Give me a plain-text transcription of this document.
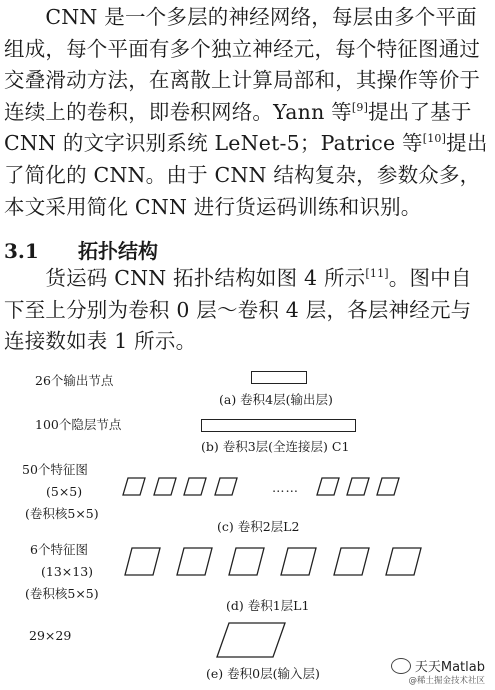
　　CNN 是一个多层的神经网络，每层由多个平面
组成，每个平面有多个独立神经元，每个特征图通过
交叠滑动方法，在离散上计算局部和，其操作等价于
连续上的卷积，即卷积网络。Yann 等[9]提出了基于
CNN 的文字识别系统 LeNet-5；Patrice 等[10]提出
了简化的 CNN。由于 CNN 结构复杂，参数众多，
本文采用简化 CNN 进行货运码训练和识别。
3.1 拓扑结构
　　货运码 CNN 拓扑结构如图 4 所示[11]。图中自
下至上分别为卷积 0 层～卷积 4 层，各层神经元与
连接数如表 1 所示。
26个输出节点
(a) 卷积4层(输出层)
100个隐层节点
(b) 卷积3层(全连接层) C1
50个特征图
(5×5)
(卷积核5×5)
……
(c) 卷积2层L2
6个特征图
(13×13)
(卷积核5×5)
(d) 卷积1层L1
29×29
(e) 卷积0层(输入层)	天天Matlab
@稀土掘金技术社区
